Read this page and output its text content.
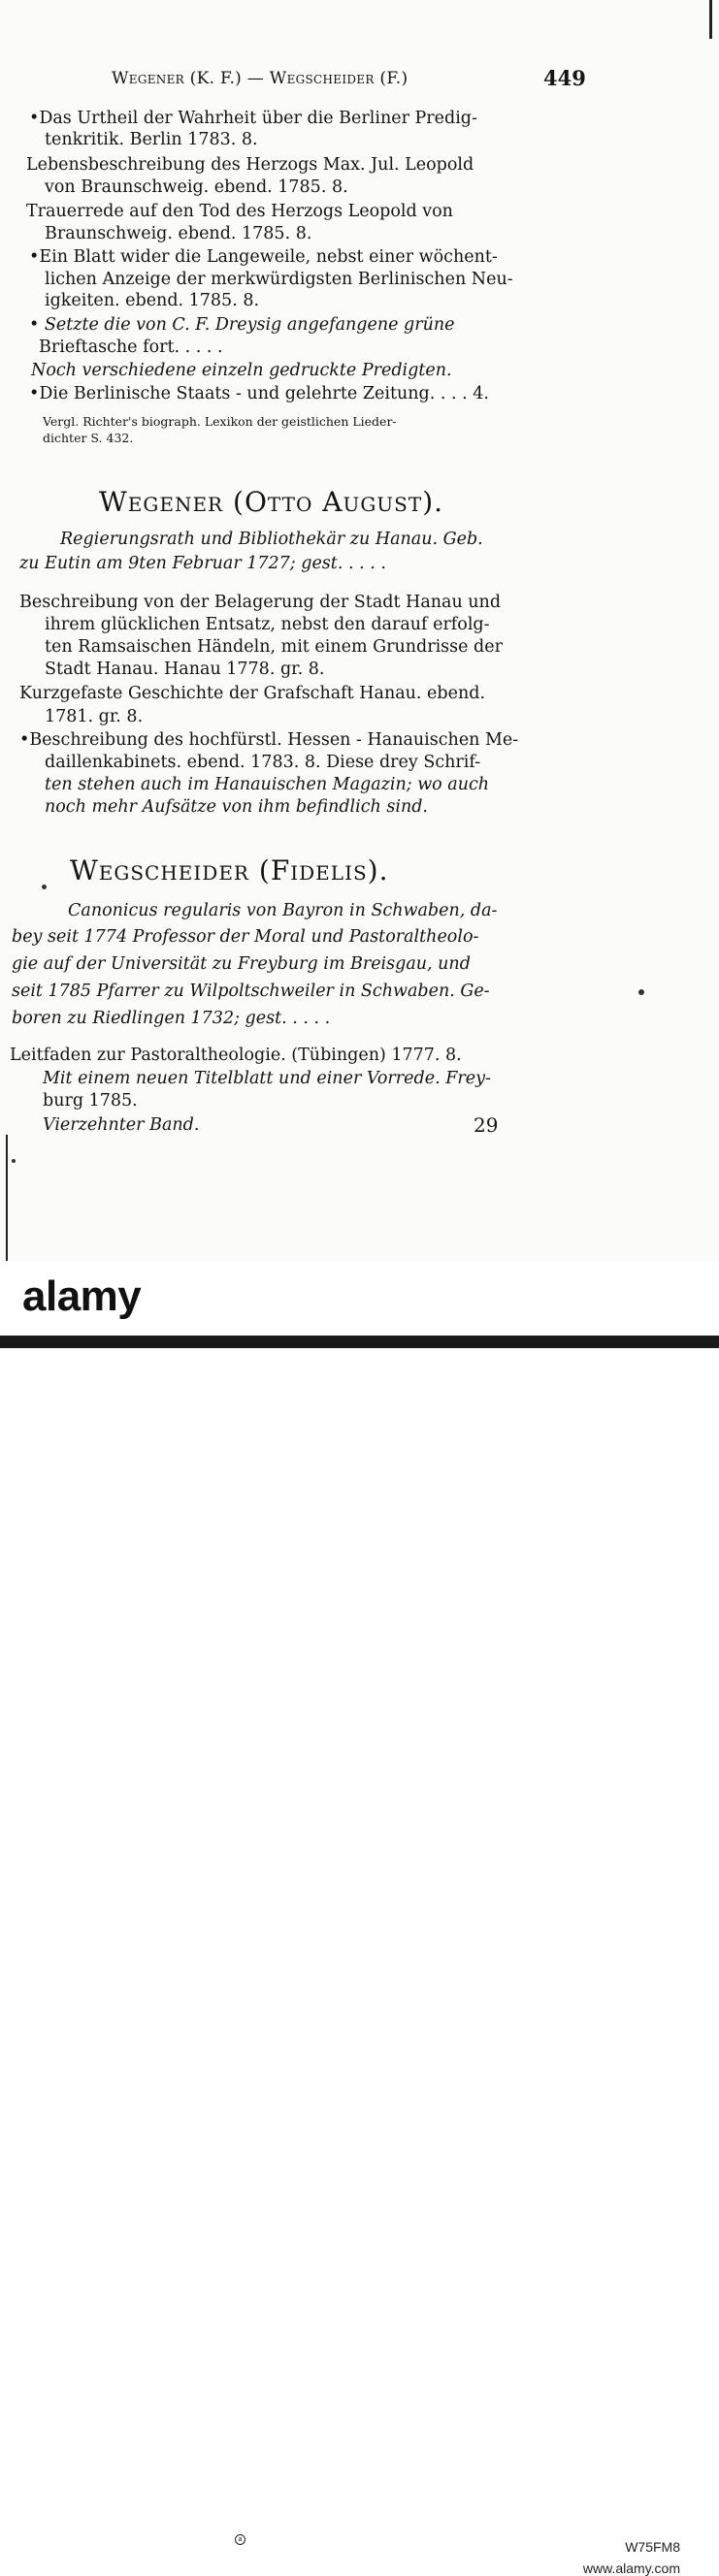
Wegener (K. F.) — Wegscheider (F.)	449
•Das Urtheil der Wahrheit über die Berliner Predig-
tenkritik. Berlin 1783. 8.
Lebensbeschreibung des Herzogs Max. Jul. Leopold
von Braunschweig. ebend. 1785. 8.
Trauerrede auf den Tod des Herzogs Leopold von
Braunschweig. ebend. 1785. 8.
•Ein Blatt wider die Langeweile, nebst einer wöchent-
lichen Anzeige der merkwürdigsten Berlinischen Neu-
igkeiten. ebend. 1785. 8.
• Setzte die von C. F. Dreysig angefangene grüne
Brieftasche fort. . . . .
Noch verschiedene einzeln gedruckte Predigten.
•Die Berlinische Staats - und gelehrte Zeitung. . . . 4.
Vergl. Richter's biograph. Lexikon der geistlichen Lieder-
dichter S. 432.
Wegener (Otto August).
Regierungsrath und Bibliothekär zu Hanau. Geb.
zu Eutin am 9ten Februar 1727; gest. . . . .
Beschreibung von der Belagerung der Stadt Hanau und
ihrem glücklichen Entsatz, nebst den darauf erfolg-
ten Ramsaischen Händeln, mit einem Grundrisse der
Stadt Hanau. Hanau 1778. gr. 8.
Kurzgefaste Geschichte der Grafschaft Hanau. ebend.
1781. gr. 8.
•Beschreibung des hochfürstl. Hessen - Hanauischen Me-
daillenkabinets. ebend. 1783. 8. Diese drey Schrif-
ten stehen auch im Hanauischen Magazin; wo auch
noch mehr Aufsätze von ihm befindlich sind.
Wegscheider (Fidelis).
Canonicus regularis von Bayron in Schwaben, da-
bey seit 1774 Professor der Moral und Pastoraltheolo-
gie auf der Universität zu Freyburg im Breisgau, und
seit 1785 Pfarrer zu Wilpoltschweiler in Schwaben. Ge-
boren zu Riedlingen 1732; gest. . . . .
Leitfaden zur Pastoraltheologie. (Tübingen) 1777. 8.
Mit einem neuen Titelblatt und einer Vorrede. Frey-
burg 1785.
Vierzehnter Band.	29
alamy
a	W75FM8
www.alamy.com
